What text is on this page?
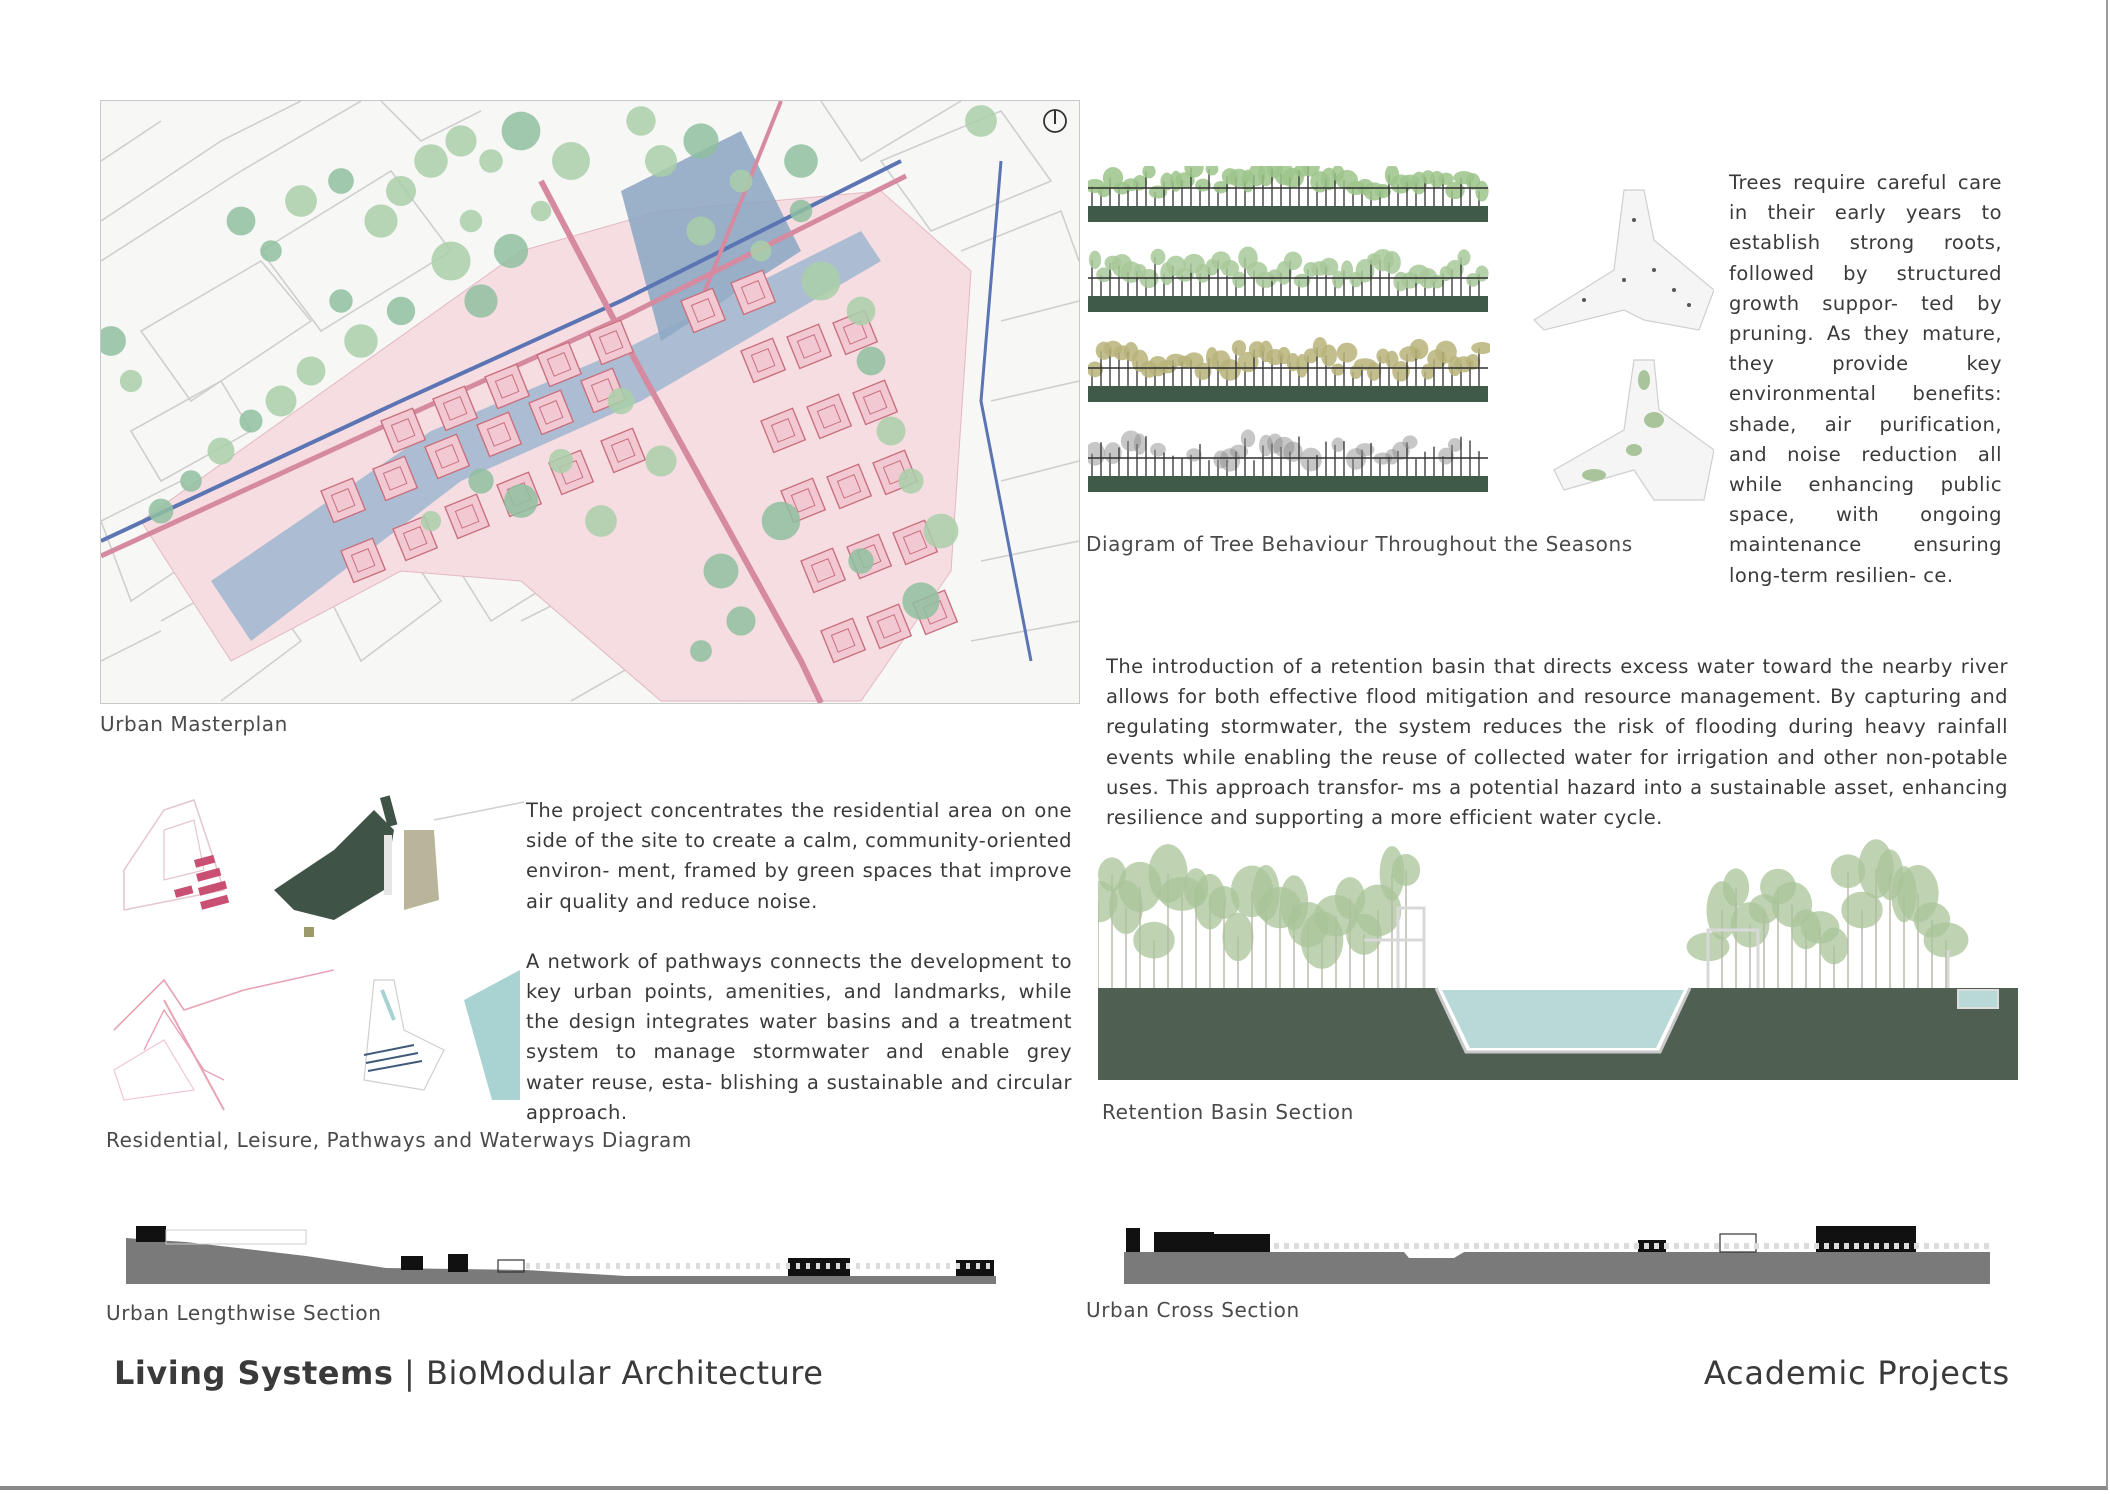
Urban Masterplan
Diagram of Tree Behaviour Throughout the Seasons

Trees require careful care in their early years to establish strong roots, followed by structured growth suppor- ted by pruning. As they mature, they provide key environmental benefits: shade, air purification, and noise reduction all while enhancing public space, with ongoing maintenance ensuring long-term resilien- ce.

The introduction of a retention basin that directs excess water toward the nearby river allows for both effective flood mitigation and resource management. By capturing and regulating stormwater, the system reduces the risk of flooding during heavy rainfall events while enabling the reuse of collected water for irrigation and other non-potable uses. This approach transfor- ms a potential hazard into a sustainable asset, enhancing resilience and supporting a more efficient water cycle.

Retention Basin Section

The project concentrates the residential area on one side of the site to create a calm, community-oriented environ- ment, framed by green spaces that improve air quality and reduce noise.

A network of pathways connects the development to key urban points, amenities, and landmarks, while the design integrates water basins and a treatment system to manage stormwater and enable grey water reuse, esta- blishing a sustainable and circular approach.

Residential, Leisure, Pathways and Waterways Diagram
Urban Lengthwise Section	Urban Cross Section
Living Systems | BioModular Architecture	Academic Projects
